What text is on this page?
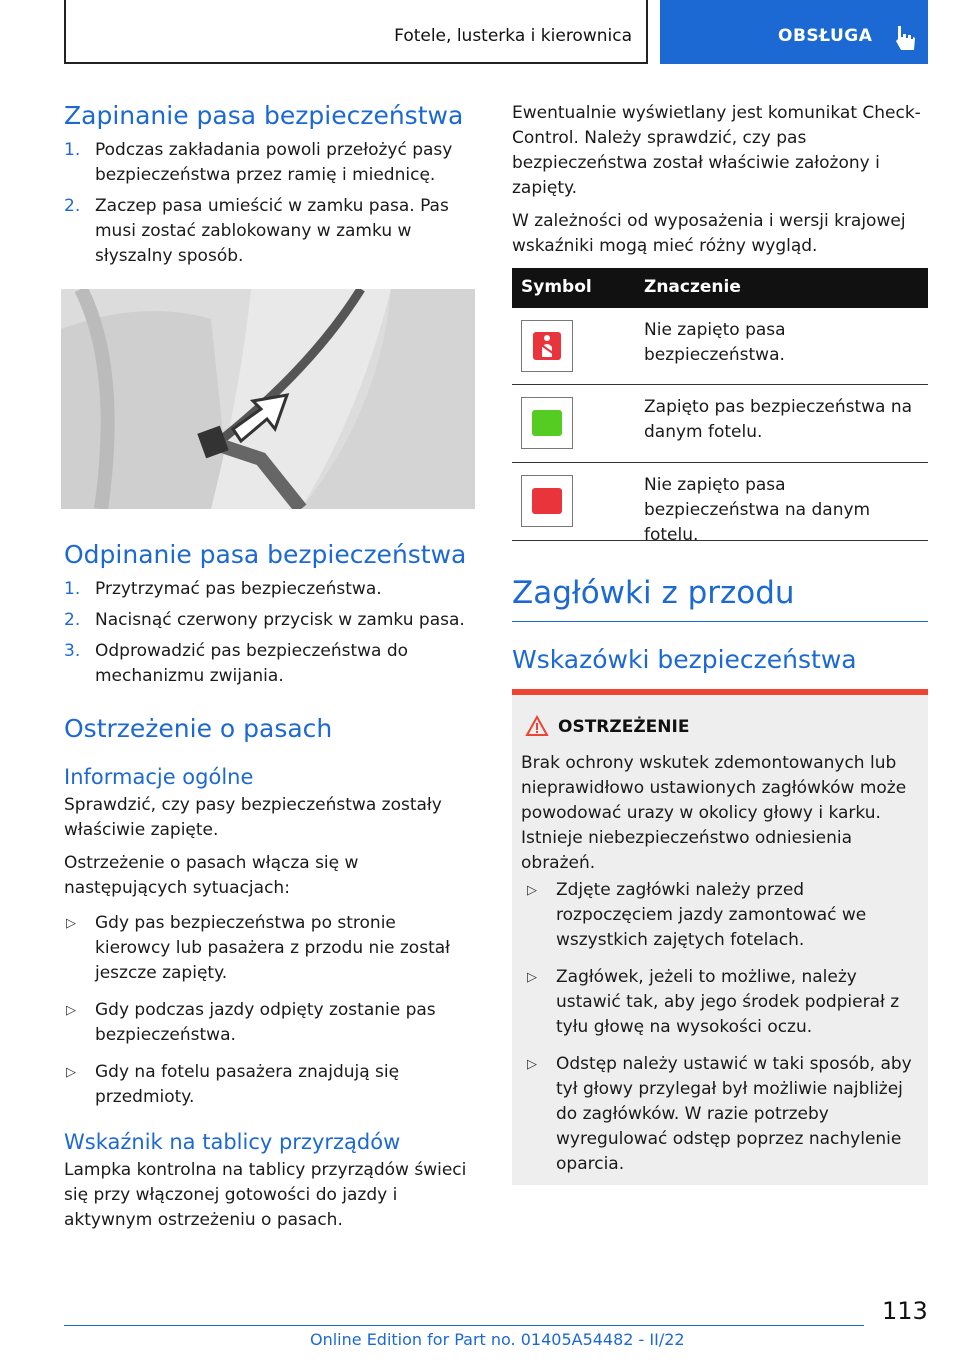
Fotele, lusterka i kierownica	OBSŁUGA
Zapinanie pasa bezpieczeństwa
1. Podczas zakładania powoli przełożyć pasy bezpieczeństwa przez ramię i miednicę.
2. Zaczep pasa umieścić w zamku pasa. Pas musi zostać zablokowany w zamku w słyszalny sposób.
Odpinanie pasa bezpieczeństwa
1. Przytrzymać pas bezpieczeństwa.
2. Nacisnąć czerwony przycisk w zamku pasa.
3. Odprowadzić pas bezpieczeństwa do mechanizmu zwijania.
Ostrzeżenie o pasach
Informacje ogólne

Sprawdzić, czy pasy bezpieczeństwa zostały właściwie zapięte.

Ostrzeżenie o pasach włącza się w następujących sytuacjach:

▷ Gdy pas bezpieczeństwa po stronie kierowcy lub pasażera z przodu nie został jeszcze zapięty.
▷ Gdy podczas jazdy odpięty zostanie pas bezpieczeństwa.
▷ Gdy na fotelu pasażera znajdują się przedmioty.
Wskaźnik na tablicy przyrządów

Lampka kontrolna na tablicy przyrządów świeci się przy włączonej gotowości do jazdy i aktywnym ostrzeżeniu o pasach.

Ewentualnie wyświetlany jest komunikat Check-Control. Należy sprawdzić, czy pas bezpieczeństwa został właściwie założony i zapięty.

W zależności od wyposażenia i wersji krajowej wskaźniki mogą mieć różny wygląd.

Symbol	Znaczenie
Nie zapięto pasa bezpieczeństwa.
Zapięto pas bezpieczeństwa na danym fotelu.
Nie zapięto pasa bezpieczeństwa na danym fotelu.
Zagłówki z przodu
Wskazówki bezpieczeństwa
OSTRZEŻENIE

Brak ochrony wskutek zdemontowanych lub nieprawidłowo ustawionych zagłówków może powodować urazy w okolicy głowy i karku. Istnieje niebezpieczeństwo odniesienia obrażeń.

▷ Zdjęte zagłówki należy przed rozpoczęciem jazdy zamontować we wszystkich zajętych fotelach.
▷ Zagłówek, jeżeli to możliwe, należy ustawić tak, aby jego środek podpierał z tyłu głowę na wysokości oczu.
▷ Odstęp należy ustawić w taki sposób, aby tył głowy przylegał był możliwie najbliżej do zagłówków. W razie potrzeby wyregulować odstęp poprzez nachylenie oparcia.
113
Online Edition for Part no. 01405A54482 - II/22
